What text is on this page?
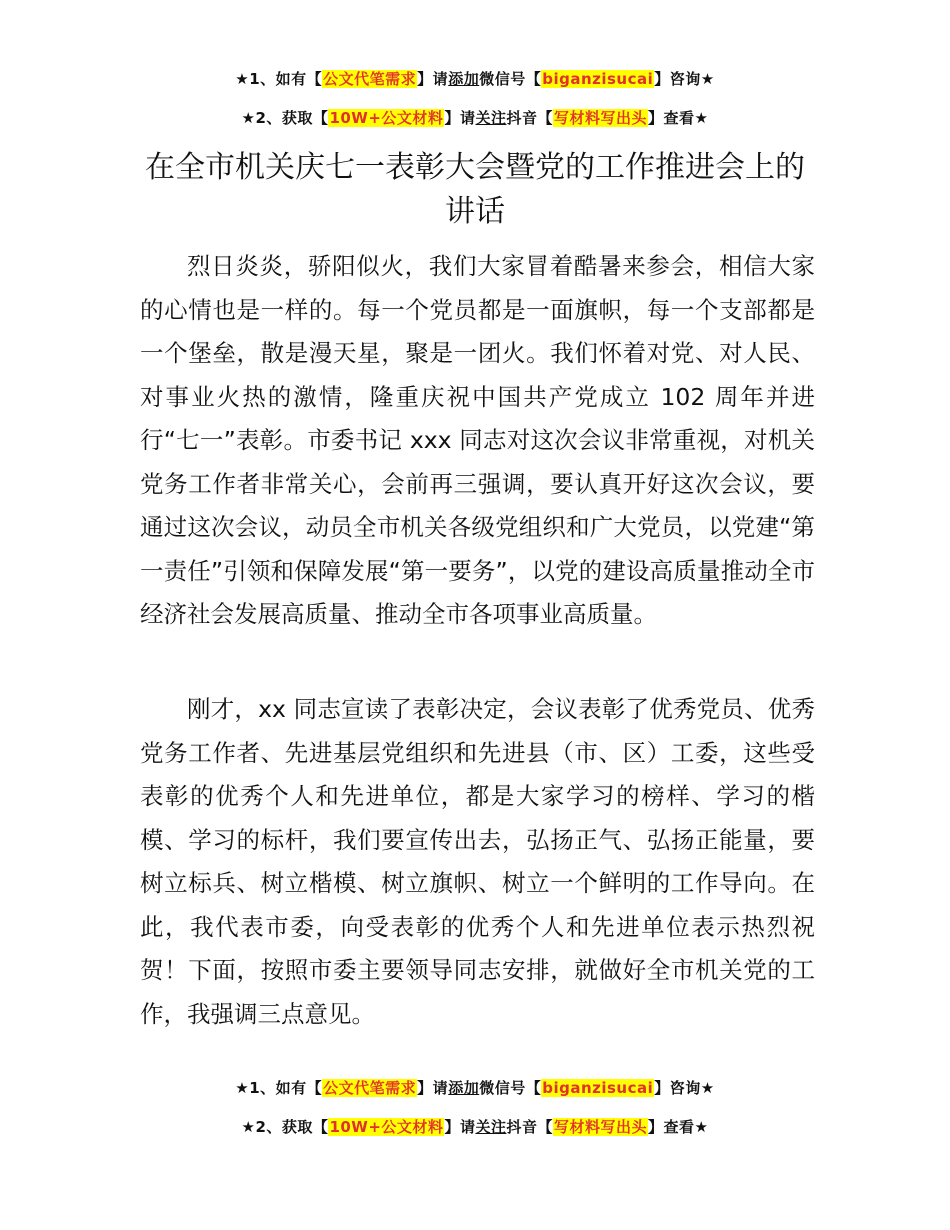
★1、如有【公文代笔需求】请添加微信号【biganzisucai】咨询★
★2、获取【10W+公文材料】请关注抖音【写材料写出头】查看★
在全市机关庆七一表彰大会暨党的工作推进会上的讲话

烈日炎炎，骄阳似火，我们大家冒着酷暑来参会，相信大家的心情也是一样的。每一个党员都是一面旗帜，每一个支部都是一个堡垒，散是漫天星，聚是一团火。我们怀着对党、对人民、对事业火热的激情，隆重庆祝中国共产党成立 102 周年并进行“七一”表彰。市委书记 xxx 同志对这次会议非常重视，对机关党务工作者非常关心，会前再三强调，要认真开好这次会议，要通过这次会议，动员全市机关各级党组织和广大党员，以党建“第一责任”引领和保障发展“第一要务”，以党的建设高质量推动全市经济社会发展高质量、推动全市各项事业高质量。

刚才，xx 同志宣读了表彰决定，会议表彰了优秀党员、优秀党务工作者、先进基层党组织和先进县（市、区）工委，这些受表彰的优秀个人和先进单位，都是大家学习的榜样、学习的楷模、学习的标杆，我们要宣传出去，弘扬正气、弘扬正能量，要树立标兵、树立楷模、树立旗帜、树立一个鲜明的工作导向。在此，我代表市委，向受表彰的优秀个人和先进单位表示热烈祝贺！下面，按照市委主要领导同志安排，就做好全市机关党的工作，我强调三点意见。

★1、如有【公文代笔需求】请添加微信号【biganzisucai】咨询★
★2、获取【10W+公文材料】请关注抖音【写材料写出头】查看★
